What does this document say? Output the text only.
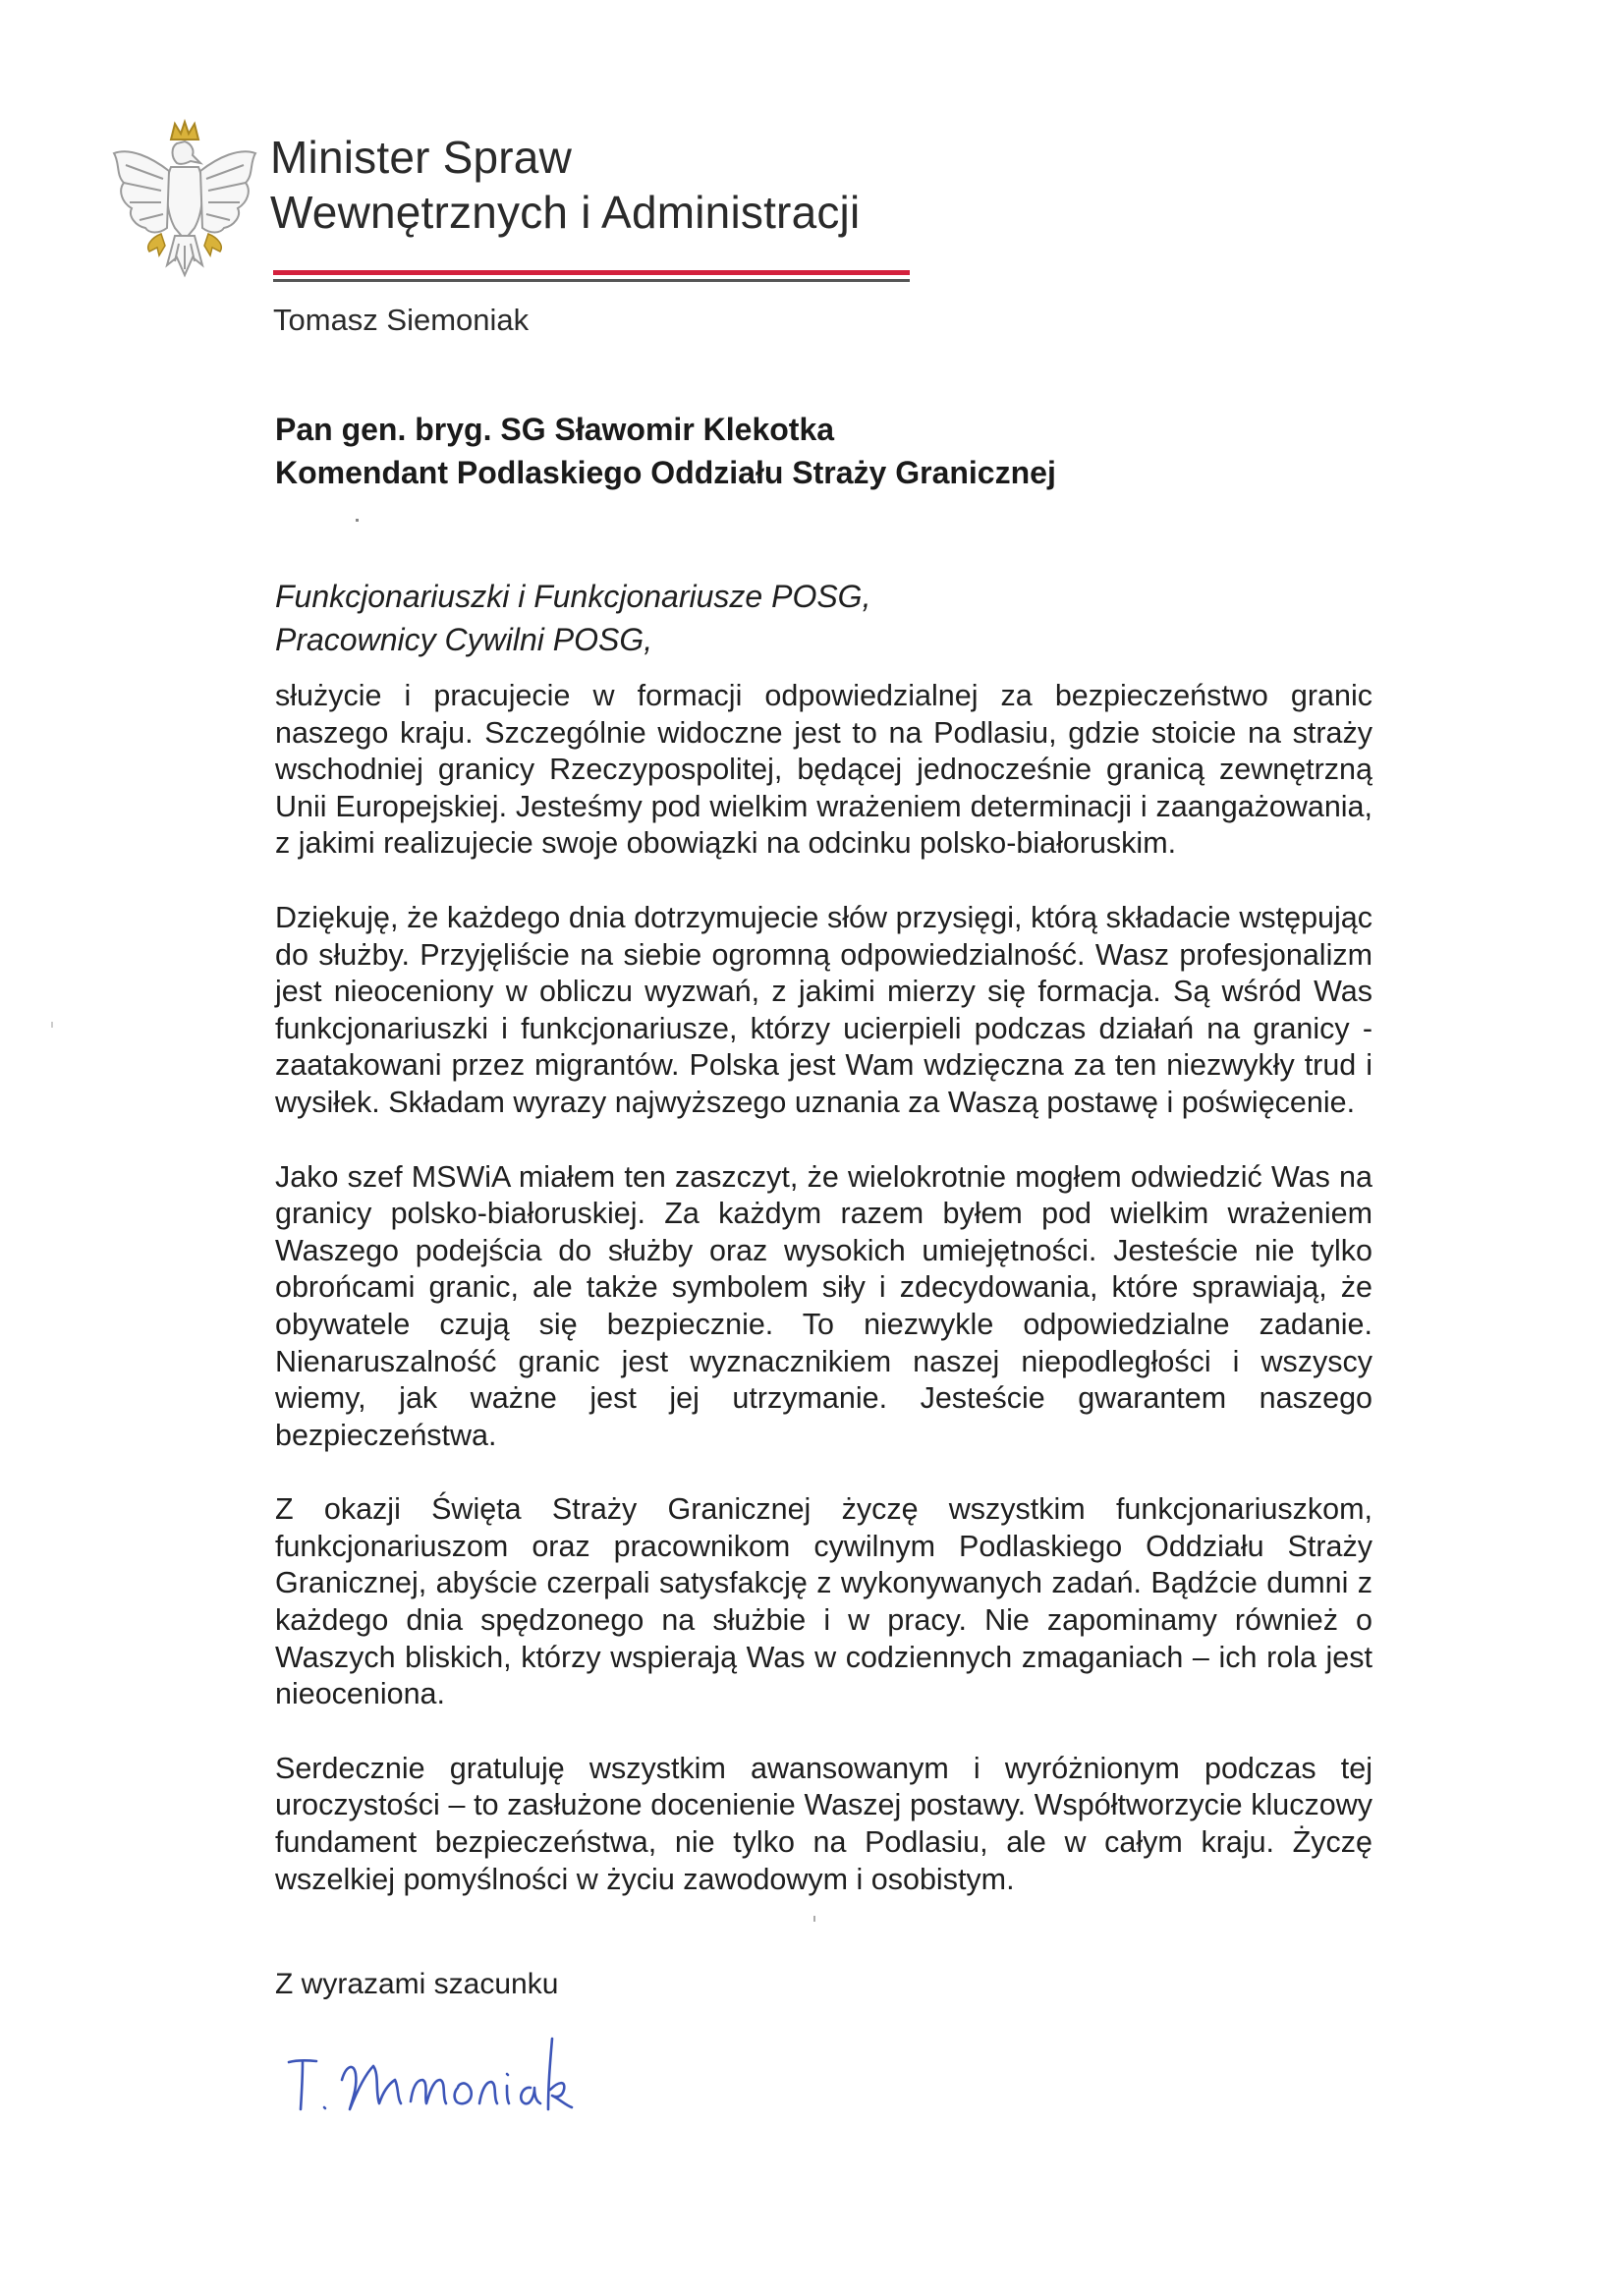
Minister Spraw
Wewnętrznych i Administracji
Tomasz Siemoniak
Pan gen. bryg. SG Sławomir Klekotka
Komendant Podlaskiego Oddziału Straży Granicznej
Funkcjonariuszki i Funkcjonariusze POSG,
Pracownicy Cywilni POSG,

służycie i pracujecie w formacji odpowiedzialnej za bezpieczeństwo granic naszego kraju. Szczególnie widoczne jest to na Podlasiu, gdzie stoicie na straży wschodniej granicy Rzeczypospolitej, będącej jednocześnie granicą zewnętrzną Unii Europejskiej. Jesteśmy pod wielkim wrażeniem determinacji i zaangażowania, z jakimi realizujecie swoje obowiązki na odcinku polsko-białoruskim.

Dziękuję, że każdego dnia dotrzymujecie słów przysięgi, którą składacie wstępując do służby. Przyjęliście na siebie ogromną odpowiedzialność. Wasz profesjonalizm jest nieoceniony w obliczu wyzwań, z jakimi mierzy się formacja. Są wśród Was funkcjonariuszki i funkcjonariusze, którzy ucierpieli podczas działań na granicy - zaatakowani przez migrantów. Polska jest Wam wdzięczna za ten niezwykły trud i wysiłek. Składam wyrazy najwyższego uznania za Waszą postawę i poświęcenie.

Jako szef MSWiA miałem ten zaszczyt, że wielokrotnie mogłem odwiedzić Was na granicy polsko-białoruskiej. Za każdym razem byłem pod wielkim wrażeniem Waszego podejścia do służby oraz wysokich umiejętności. Jesteście nie tylko obrońcami granic, ale także symbolem siły i zdecydowania, które sprawiają, że obywatele czują się bezpiecznie. To niezwykle odpowiedzialne zadanie. Nienaruszalność granic jest wyznacznikiem naszej niepodległości i wszyscy wiemy, jak ważne jest jej utrzymanie. Jesteście gwarantem naszego bezpieczeństwa.

Z okazji Święta Straży Granicznej życzę wszystkim funkcjonariuszkom, funkcjonariuszom oraz pracownikom cywilnym Podlaskiego Oddziału Straży Granicznej, abyście czerpali satysfakcję z wykonywanych zadań. Bądźcie dumni z każdego dnia spędzonego na służbie i w pracy. Nie zapominamy również o Waszych bliskich, którzy wspierają Was w codziennych zmaganiach – ich rola jest nieoceniona.

Serdecznie gratuluję wszystkim awansowanym i wyróżnionym podczas tej uroczystości – to zasłużone docenienie Waszej postawy. Współtworzycie kluczowy fundament bezpieczeństwa, nie tylko na Podlasiu, ale w całym kraju. Życzę wszelkiej pomyślności w życiu zawodowym i osobistym.

Z wyrazami szacunku
